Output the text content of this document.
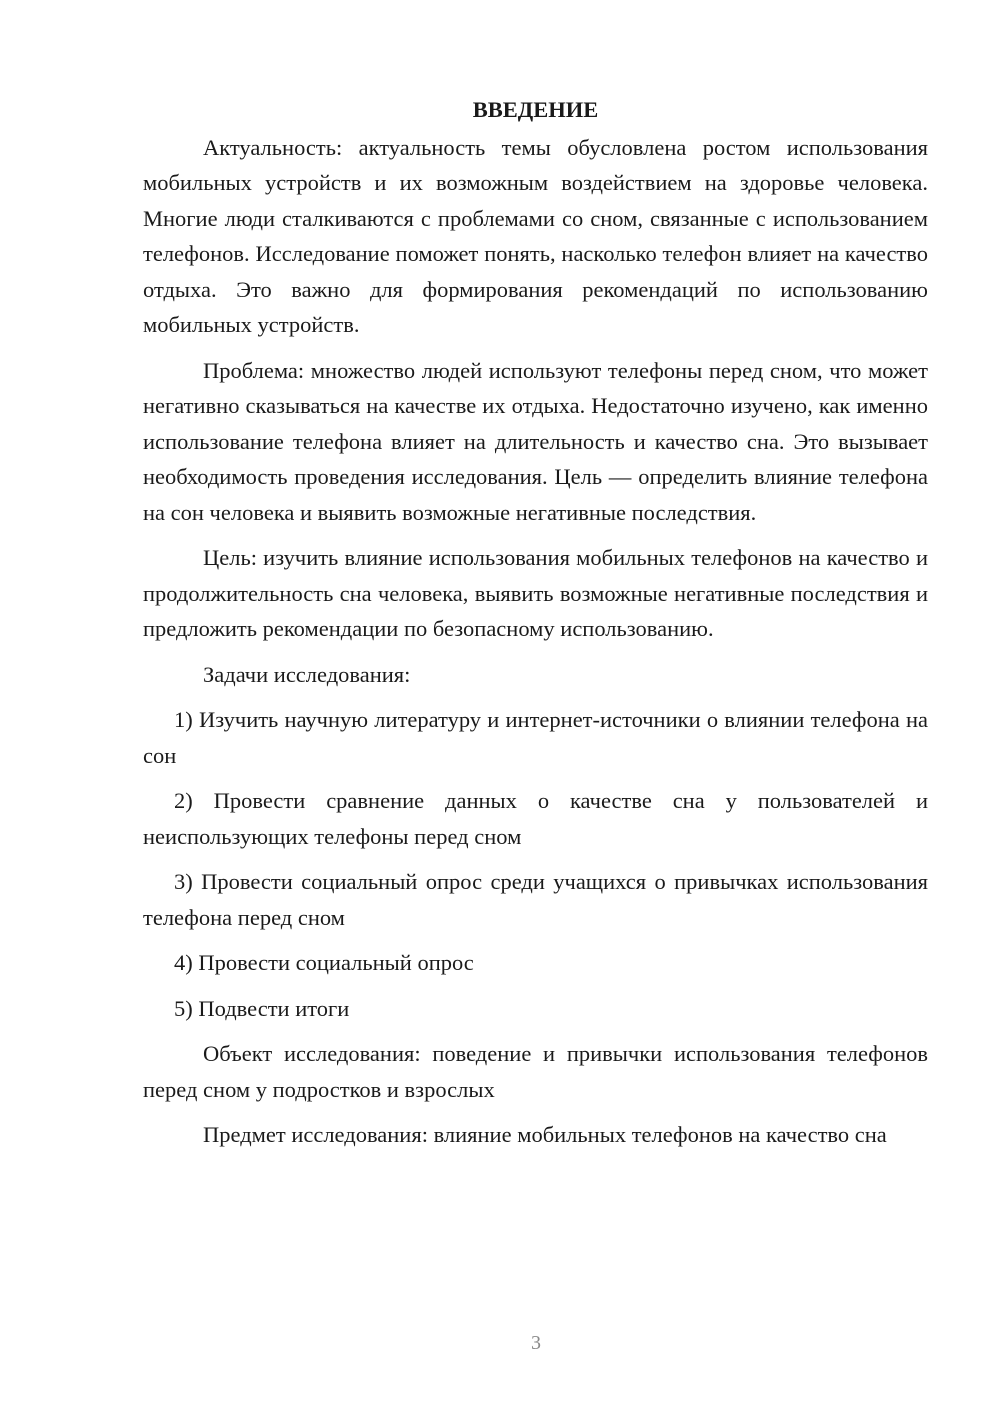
ВВЕДЕНИЕ

Актуальность: актуальность темы обусловлена ростом использования мобильных устройств и их возможным воздействием на здоровье человека. Многие люди сталкиваются с проблемами со сном, связанные с использованием телефонов. Исследование поможет понять, насколько телефон влияет на качество отдыха. Это важно для формирования рекомендаций по использованию мобильных устройств.

Проблема: множество людей используют телефоны перед сном, что может негативно сказываться на качестве их отдыха. Недостаточно изучено, как именно использование телефона влияет на длительность и качество сна. Это вызывает необходимость проведения исследования. Цель — определить влияние телефона на сон человека и выявить возможные негативные последствия.

Цель: изучить влияние использования мобильных телефонов на качество и продолжительность сна человека, выявить возможные негативные последствия и предложить рекомендации по безопасному использованию.

Задачи исследования:

1) Изучить научную литературу и интернет-источники о влиянии телефона на сон

2) Провести сравнение данных о качестве сна у пользователей и неиспользующих телефоны перед сном

3) Провести социальный опрос среди учащихся о привычках использования телефона перед сном

4) Провести социальный опрос

5) Подвести итоги

Объект исследования: поведение и привычки использования телефонов перед сном у подростков и взрослых

Предмет исследования: влияние мобильных телефонов на качество сна

3
